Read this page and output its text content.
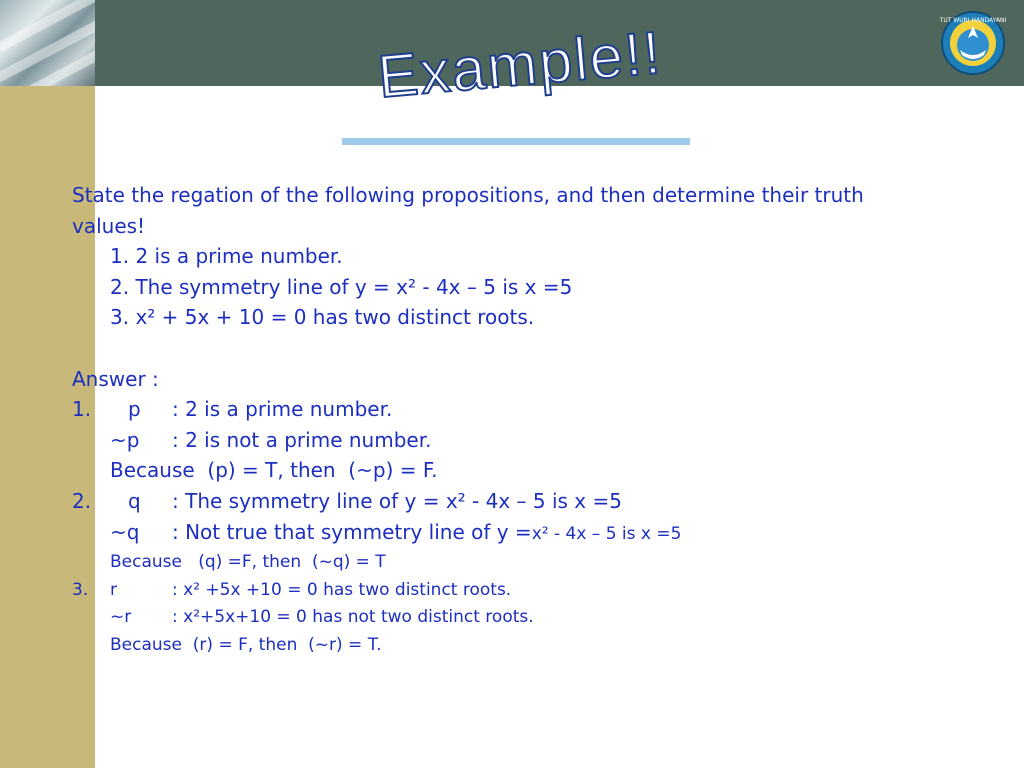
TUT WURI HANDAYANI
Example!!
State the regation of the following propositions, and then determine their truth
values!
1. 2 is a prime number.
2. The symmetry line of y = x² - 4x – 5 is x =5
3. x² + 5x + 10 = 0 has two distinct roots.
Answer :
1. p : 2 is a prime number.
~p : 2 is not a prime number.
Because  (p) = T, then  (~p) = F.
2. q : The symmetry line of y = x² - 4x – 5 is x =5
~q : Not true that symmetry line of y =x² - 4x – 5 is x =5
Because   (q) =F, then  (~q) = T
3. r	: x² +5x +10 = 0 has two distinct roots.
~r : x²+5x+10 = 0 has not two distinct roots.
Because  (r) = F, then  (~r) = T.
